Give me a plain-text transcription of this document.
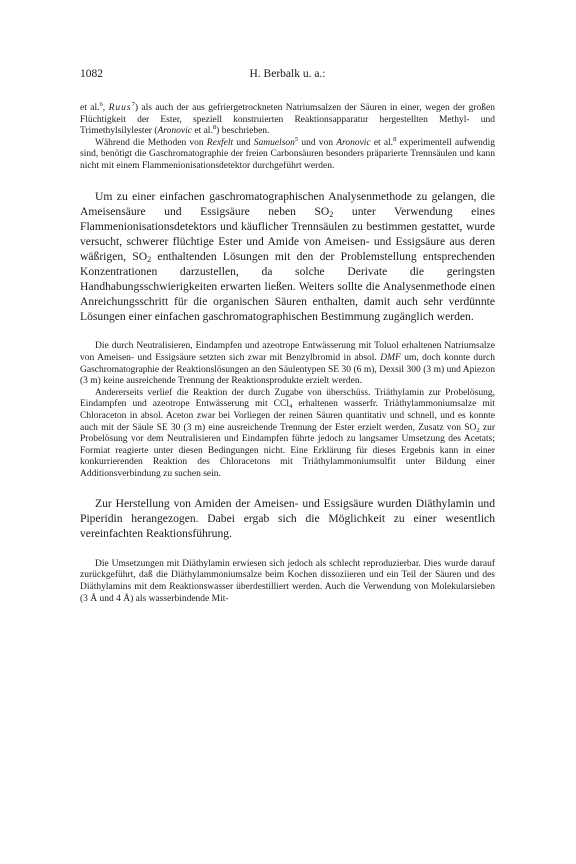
1082	H. Berbalk u. a.:

et al.$^6$, Ruus$^7$) als auch der aus gefriergetrockneten Natriumsalzen der Säuren in einer, wegen der großen Flüchtigkeit der Ester, speziell konstruierten Reaktionsapparatur hergestellten Methyl- und Trimethylsilylester (Aronovic et al.$^8$) beschrieben.

Während die Methoden von Rexfelt und Samuelson$^5$ und von Aronovic et al.$^8$ experimentell aufwendig sind, benötigt die Gaschromatographie der freien Carbonsäuren besonders präparierte Trennsäulen und kann nicht mit einem Flammenionisationsdetektor durchgeführt werden.

Um zu einer einfachen gaschromatographischen Analysenmethode zu gelangen, die Ameisensäure und Essigsäure neben $SO_2$ unter Verwendung eines Flammenionisationsdetektors und käuflicher Trennsäulen zu bestimmen gestattet, wurde versucht, schwerer flüchtige Ester und Amide von Ameisen- und Essigsäure aus deren wäßrigen, $SO_2$ enthaltenden Lösungen mit den der Problemstellung entsprechenden Konzentrationen darzustellen, da solche Derivate die geringsten Handhabungsschwierigkeiten erwarten ließen. Weiters sollte die Analysenmethode einen Anreichungsschritt für die organischen Säuren enthalten, damit auch sehr verdünnte Lösungen einer einfachen gaschromatographischen Bestimmung zugänglich werden.

Die durch Neutralisieren, Eindampfen und azeotrope Entwässerung mit Toluol erhaltenen Natriumsalze von Ameisen- und Essigsäure setzten sich zwar mit Benzylbromid in absol. DMF um, doch konnte durch Gaschromatographie der Reaktionslösungen an den Säulentypen SE 30 (6 m), Dexsil 300 (3 m) und Apiezon (3 m) keine ausreichende Trennung der Reaktionsprodukte erzielt werden.

Andererseits verlief die Reaktion der durch Zugabe von überschüss. Triäthylamin zur Probelösung, Eindampfen und azeotrope Entwässerung mit CCl$_4$ erhaltenen wasserfr. Triäthylammoniumsalze mit Chloraceton in absol. Aceton zwar bei Vorliegen der reinen Säuren quantitativ und schnell, und es konnte auch mit der Säule SE 30 (3 m) eine ausreichende Trennung der Ester erzielt werden, Zusatz von $SO_2$ zur Probelösung vor dem Neutralisieren und Eindampfen führte jedoch zu langsamer Umsetzung des Acetats; Formiat reagierte unter diesen Bedingungen nicht. Eine Erklärung für dieses Ergebnis kann in einer konkurrierenden Reaktion des Chloracetons mit Triäthylammoniumsulfit unter Bildung einer Additionsverbindung zu suchen sein.

Zur Herstellung von Amiden der Ameisen- und Essigsäure wurden Diäthylamin und Piperidin herangezogen. Dabei ergab sich die Möglichkeit zu einer wesentlich vereinfachten Reaktionsführung.

Die Umsetzungen mit Diäthylamin erwiesen sich jedoch als schlecht reproduzierbar. Dies wurde darauf zurückgeführt, daß die Diäthylammoniumsalze beim Kochen dissoziieren und ein Teil der Säuren und des Diäthylamins mit dem Reaktionswasser überdestilliert werden. Auch die Verwendung von Molekularsieben (3 Å und 4 Å) als wasserbindende Mit-
